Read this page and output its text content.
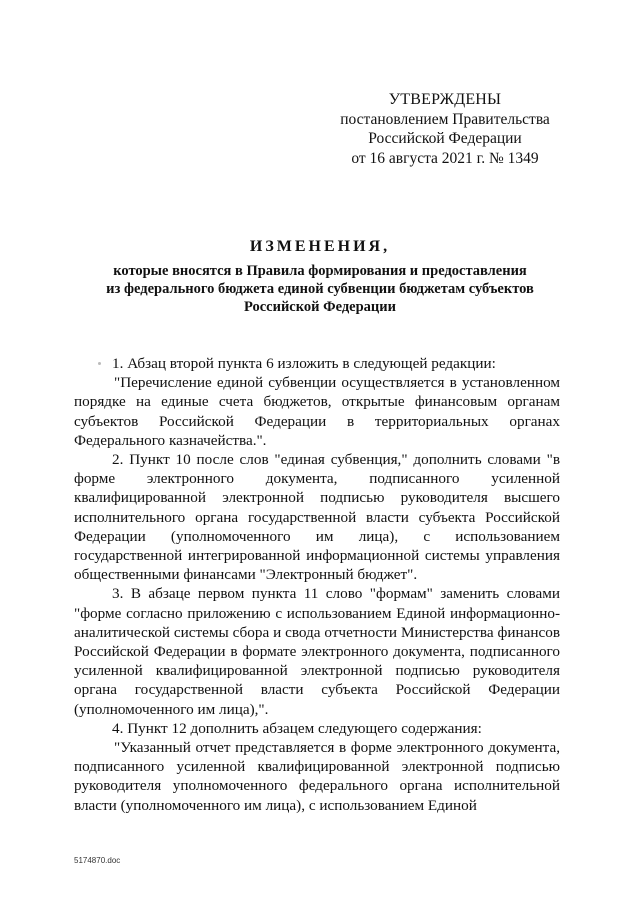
УТВЕРЖДЕНЫ
постановлением Правительства
Российской Федерации
от 16 августа 2021 г. № 1349
ИЗМЕНЕНИЯ,
которые вносятся в Правила формирования и предоставления
из федерального бюджета единой субвенции бюджетам субъектов
Российской Федерации

1. Абзац второй пункта 6 изложить в следующей редакции:

"Перечисление единой субвенции осуществляется в установленном порядке на единые счета бюджетов, открытые финансовым органам субъектов Российской Федерации в территориальных органах Федерального казначейства.".

2. Пункт 10 после слов "единая субвенция," дополнить словами "в форме электронного документа, подписанного усиленной квалифицированной электронной подписью руководителя высшего исполнительного органа государственной власти субъекта Российской Федерации (уполномоченного им лица), с использованием государственной интегрированной информационной системы управления общественными финансами "Электронный бюджет".

3. В абзаце первом пункта 11 слово "формам" заменить словами "форме согласно приложению с использованием Единой информационно-аналитической системы сбора и свода отчетности Министерства финансов Российской Федерации в формате электронного документа, подписанного усиленной квалифицированной электронной подписью руководителя органа государственной власти субъекта Российской Федерации (уполномоченного им лица),".

4. Пункт 12 дополнить абзацем следующего содержания:

"Указанный отчет представляется в форме электронного документа, подписанного усиленной квалифицированной электронной подписью руководителя уполномоченного федерального органа исполнительной власти (уполномоченного им лица), с использованием Единой

5174870.doc
